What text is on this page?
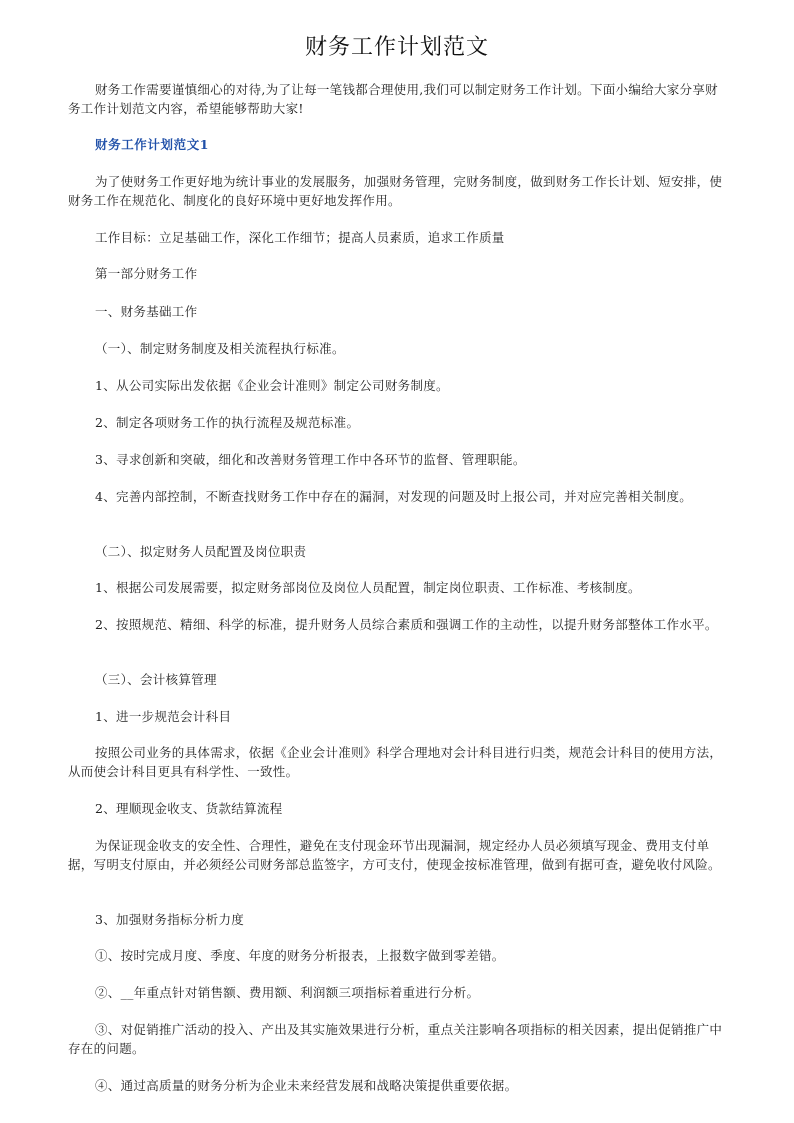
财务工作计划范文

财务工作需要谨慎细心的对待,为了让每一笔钱都合理使用,我们可以制定财务工作计划。下面小编给大家分享财务工作计划范文内容，希望能够帮助大家!

财务工作计划范文1

为了使财务工作更好地为统计事业的发展服务，加强财务管理，完财务制度，做到财务工作长计划、短安排，使财务工作在规范化、制度化的良好环境中更好地发挥作用。

工作目标：立足基础工作，深化工作细节；提高人员素质，追求工作质量

第一部分财务工作

一、财务基础工作

（一）、制定财务制度及相关流程执行标准。

1、从公司实际出发依据《企业会计准则》制定公司财务制度。

2、制定各项财务工作的执行流程及规范标准。

3、寻求创新和突破，细化和改善财务管理工作中各环节的监督、管理职能。

4、完善内部控制，不断查找财务工作中存在的漏洞，对发现的问题及时上报公司，并对应完善相关制度。

（二）、拟定财务人员配置及岗位职责

1、根据公司发展需要，拟定财务部岗位及岗位人员配置，制定岗位职责、工作标准、考核制度。

2、按照规范、精细、科学的标准，提升财务人员综合素质和强调工作的主动性，以提升财务部整体工作水平。

（三）、会计核算管理

1、进一步规范会计科目

按照公司业务的具体需求，依据《企业会计准则》科学合理地对会计科目进行归类，规范会计科目的使用方法，从而使会计科目更具有科学性、一致性。

2、理顺现金收支、货款结算流程

为保证现金收支的安全性、合理性，避免在支付现金环节出现漏洞，规定经办人员必须填写现金、费用支付单据，写明支付原由，并必须经公司财务部总监签字，方可支付，使现金按标准管理，做到有据可查，避免收付风险。

3、加强财务指标分析力度

①、按时完成月度、季度、年度的财务分析报表，上报数字做到零差错。

②、__年重点针对销售额、费用额、利润额三项指标着重进行分析。

③、对促销推广活动的投入、产出及其实施效果进行分析，重点关注影响各项指标的相关因素，提出促销推广中存在的问题。

④、通过高质量的财务分析为企业未来经营发展和战略决策提供重要依据。
